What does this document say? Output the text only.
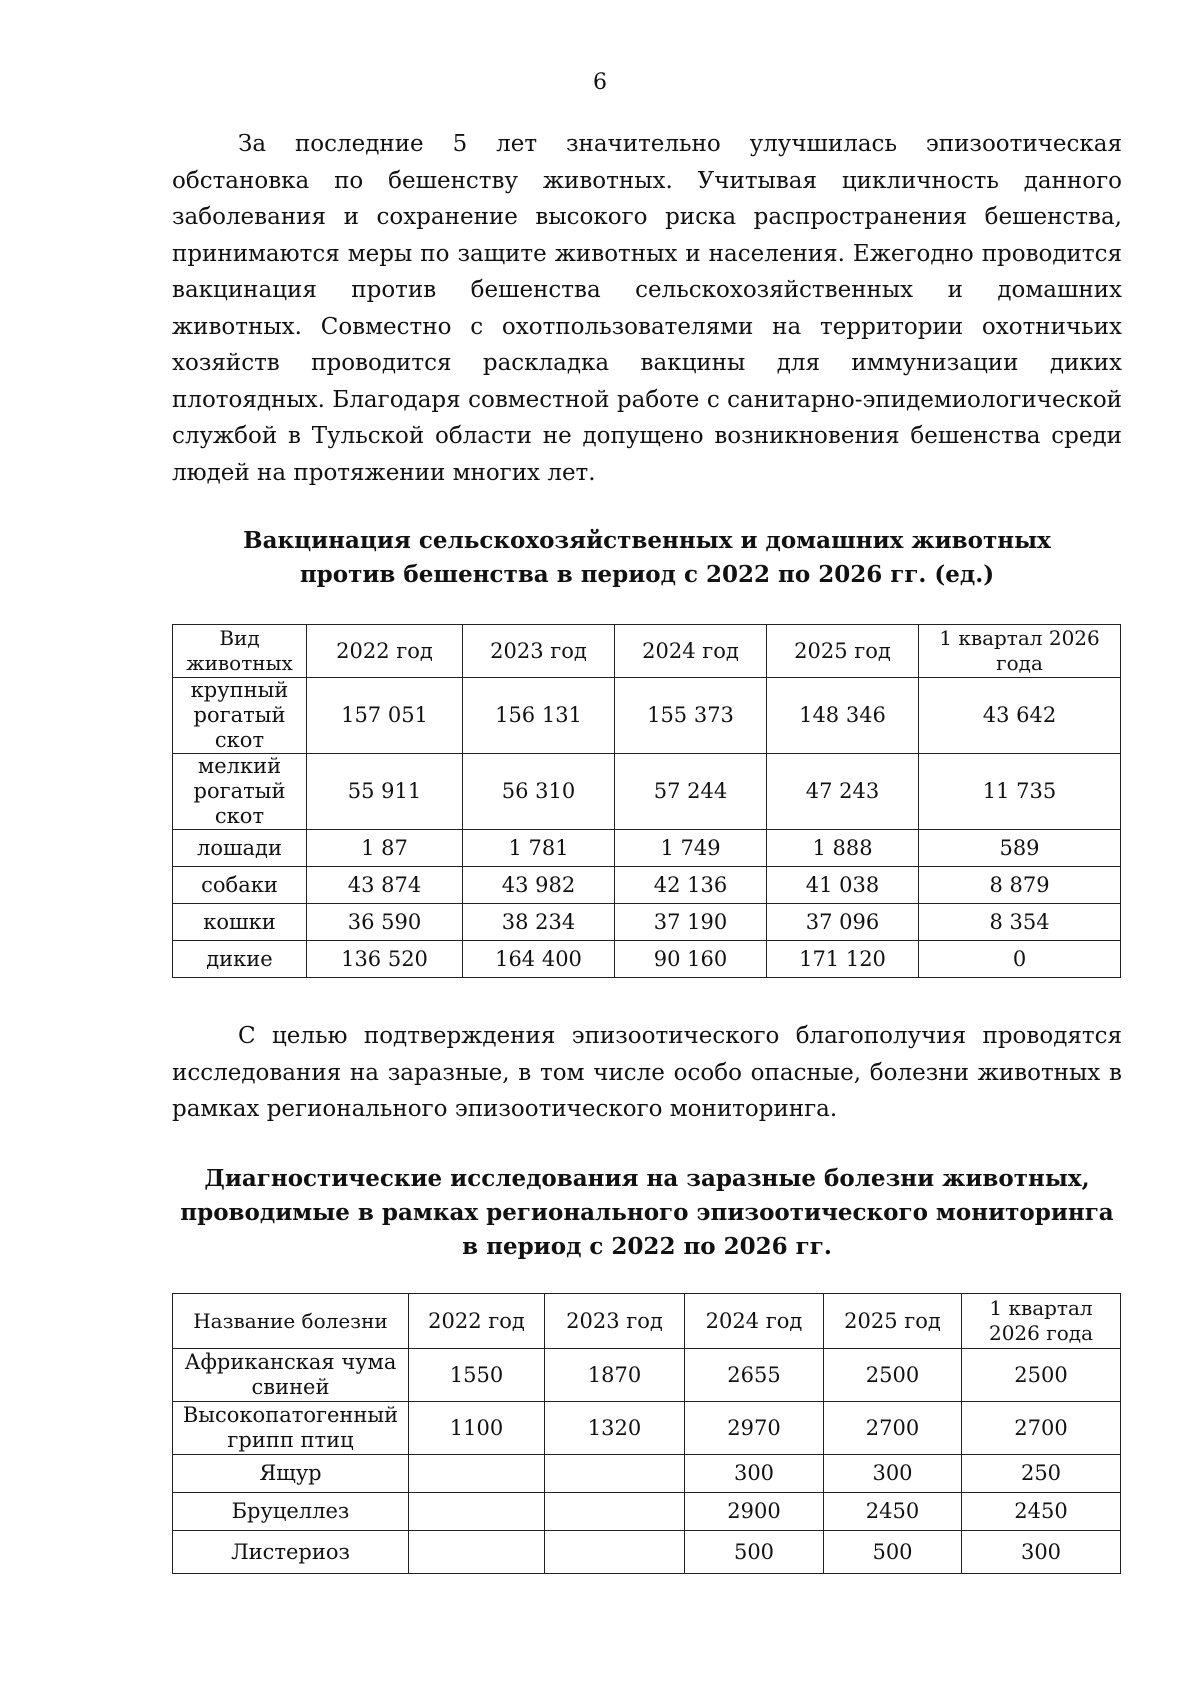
6

За последние 5 лет значительно улучшилась эпизоотическая обстановка по бешенству животных. Учитывая цикличность данного заболевания и сохранение высокого риска распространения бешенства, принимаются меры по защите животных и населения. Ежегодно проводится вакцинация против бешенства сельскохозяйственных и домашних животных. Совместно с охотпользователями на территории охотничьих хозяйств проводится раскладка вакцины для иммунизации диких плотоядных. Благодаря совместной работе с санитарно-эпидемиологической службой в Тульской области не допущено возникновения бешенства среди людей на протяжении многих лет.

Вакцинация сельскохозяйственных и домашних животных
против бешенства в период с 2022 по 2026 гг. (ед.)
Вид животных	2022 год	2023 год	2024 год	2025 год	1 квартал 2026 года
крупный рогатый скот	157 051	156 131	155 373	148 346	43 642
мелкий рогатый скот	55 911	56 310	57 244	47 243	11 735
лошади	1 87	1 781	1 749	1 888	589
собаки	43 874	43 982	42 136	41 038	8 879
кошки	36 590	38 234	37 190	37 096	8 354
дикие	136 520	164 400	90 160	171 120	0

С целью подтверждения эпизоотического благополучия проводятся исследования на заразные, в том числе особо опасные, болезни животных в рамках регионального эпизоотического мониторинга.

Диагностические исследования на заразные болезни животных,
проводимые в рамках регионального эпизоотического мониторинга
в период с 2022 по 2026 гг.
Название болезни	2022 год	2023 год	2024 год	2025 год	1 квартал 2026 года
Африканская чума свиней	1550	1870	2655	2500	2500
Высокопатогенный грипп птиц	1100	1320	2970	2700	2700
Ящур			300	300	250
Бруцеллез			2900	2450	2450
Листериоз			500	500	300
